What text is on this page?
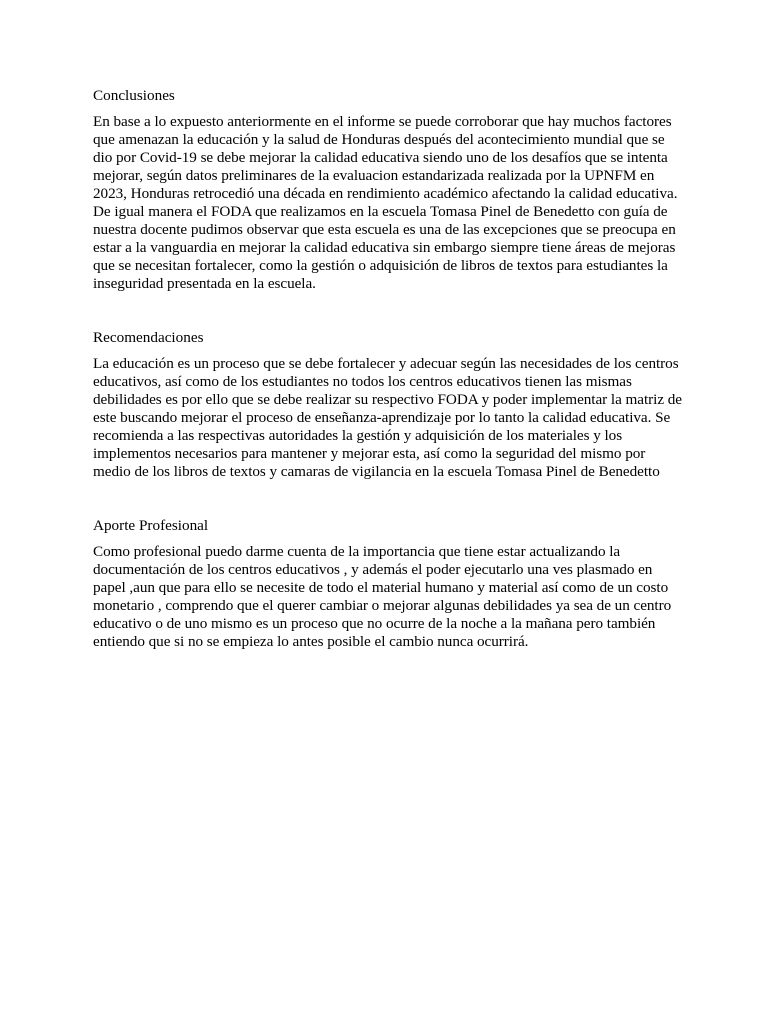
Conclusiones

En base a lo expuesto anteriormente en el informe se puede corroborar que hay muchos factores que amenazan la educación y la salud de Honduras después del acontecimiento mundial que se dio por Covid-19 se debe mejorar la calidad educativa siendo uno de los desafíos que se intenta mejorar, según datos preliminares de la evaluacion estandarizada realizada por la UPNFM en 2023, Honduras retrocedió una década en rendimiento académico afectando la calidad educativa. De igual manera el FODA que realizamos en la escuela Tomasa Pinel de Benedetto con guía de nuestra docente pudimos observar que esta escuela es una de las excepciones que se preocupa en estar a la vanguardia en mejorar la calidad educativa sin embargo siempre tiene áreas de mejoras que se necesitan fortalecer, como la gestión o adquisición de libros de textos para estudiantes la inseguridad presentada en la escuela.

Recomendaciones

La educación es un proceso que se debe fortalecer y adecuar según las necesidades de los centros educativos, así como de los estudiantes no todos los centros educativos tienen las mismas debilidades es por ello que se debe realizar su respectivo FODA y poder implementar la matriz de este buscando mejorar el proceso de enseñanza-aprendizaje por lo tanto la calidad educativa. Se recomienda a las respectivas autoridades la gestión y adquisición de los materiales y los implementos necesarios para mantener y mejorar esta, así como la seguridad del mismo por medio de los libros de textos y camaras de vigilancia en la escuela Tomasa Pinel de Benedetto

Aporte Profesional

Como profesional puedo darme cuenta de la importancia que tiene estar actualizando la documentación de los centros educativos , y además el poder ejecutarlo una ves plasmado en papel ,aun que para ello se necesite de todo el material humano y material así como de un costo monetario , comprendo que el querer cambiar o mejorar algunas debilidades ya sea de un centro educativo o de uno mismo es un proceso que no ocurre de la noche a la mañana pero también entiendo que si no se empieza lo antes posible el cambio nunca ocurrirá.
